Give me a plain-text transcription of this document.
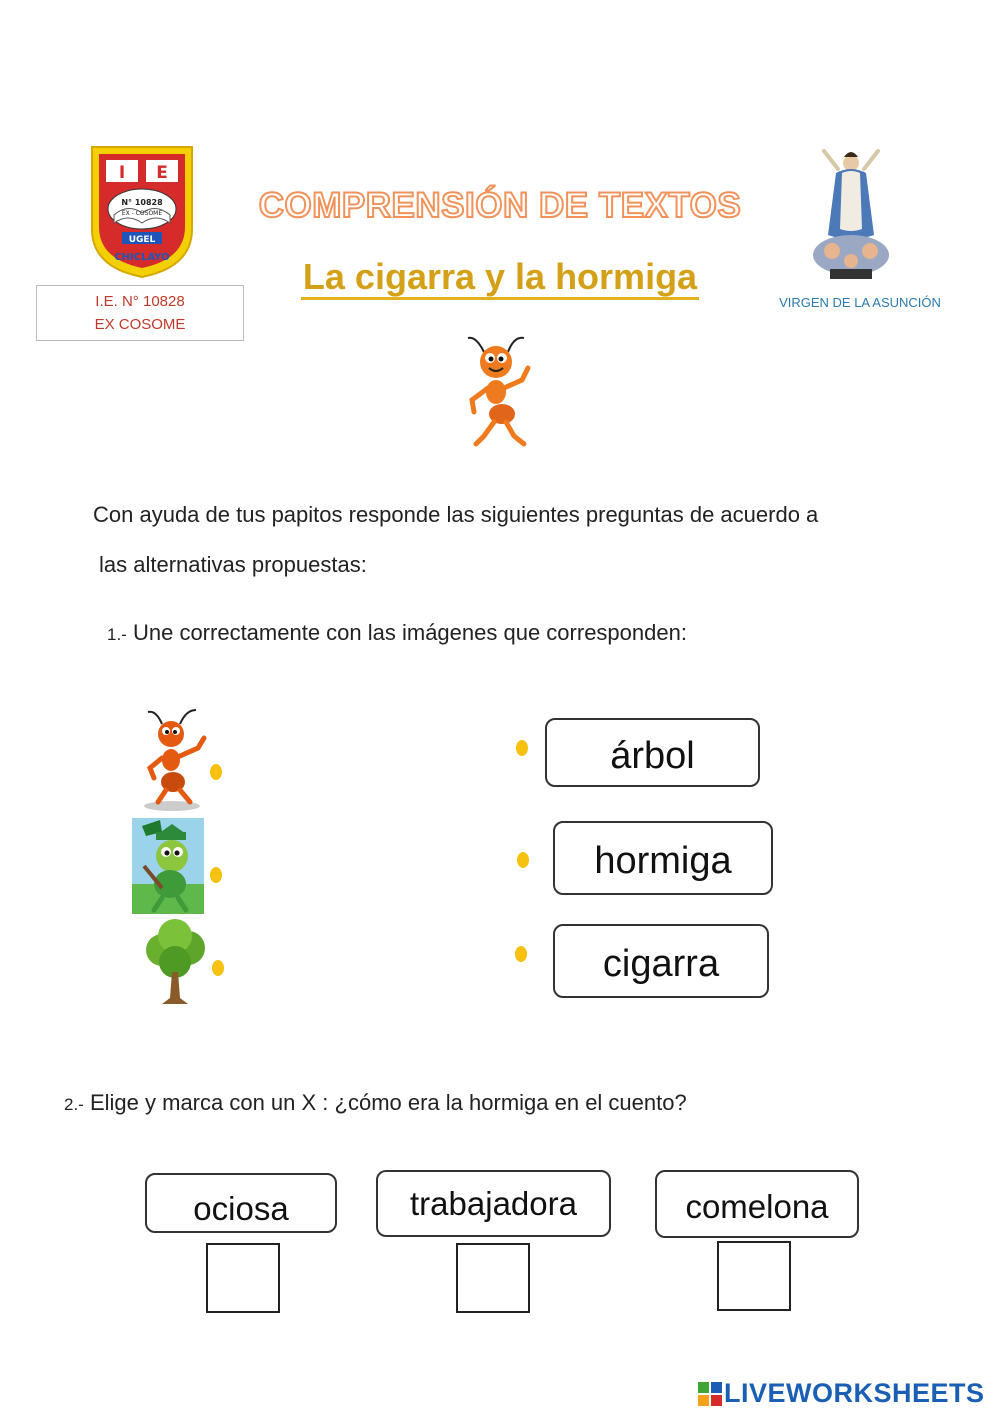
I E
N° 10828
EX - COSOME
UGEL
CHICLAYO
I.E. N° 10828
EX COSOME
COMPRENSIÓN DE TEXTOS
La cigarra y la hormiga
VIRGEN DE LA ASUNCIÓN
Con ayuda de tus papitos responde las siguientes preguntas de acuerdo a
las alternativas propuestas:
1.- Une correctamente con las imágenes que corresponden:
árbol
hormiga
cigarra
2.- Elige y marca con un X : ¿cómo era la hormiga en el cuento?
ociosa	trabajadora	comelona
LIVEWORKSHEETS
